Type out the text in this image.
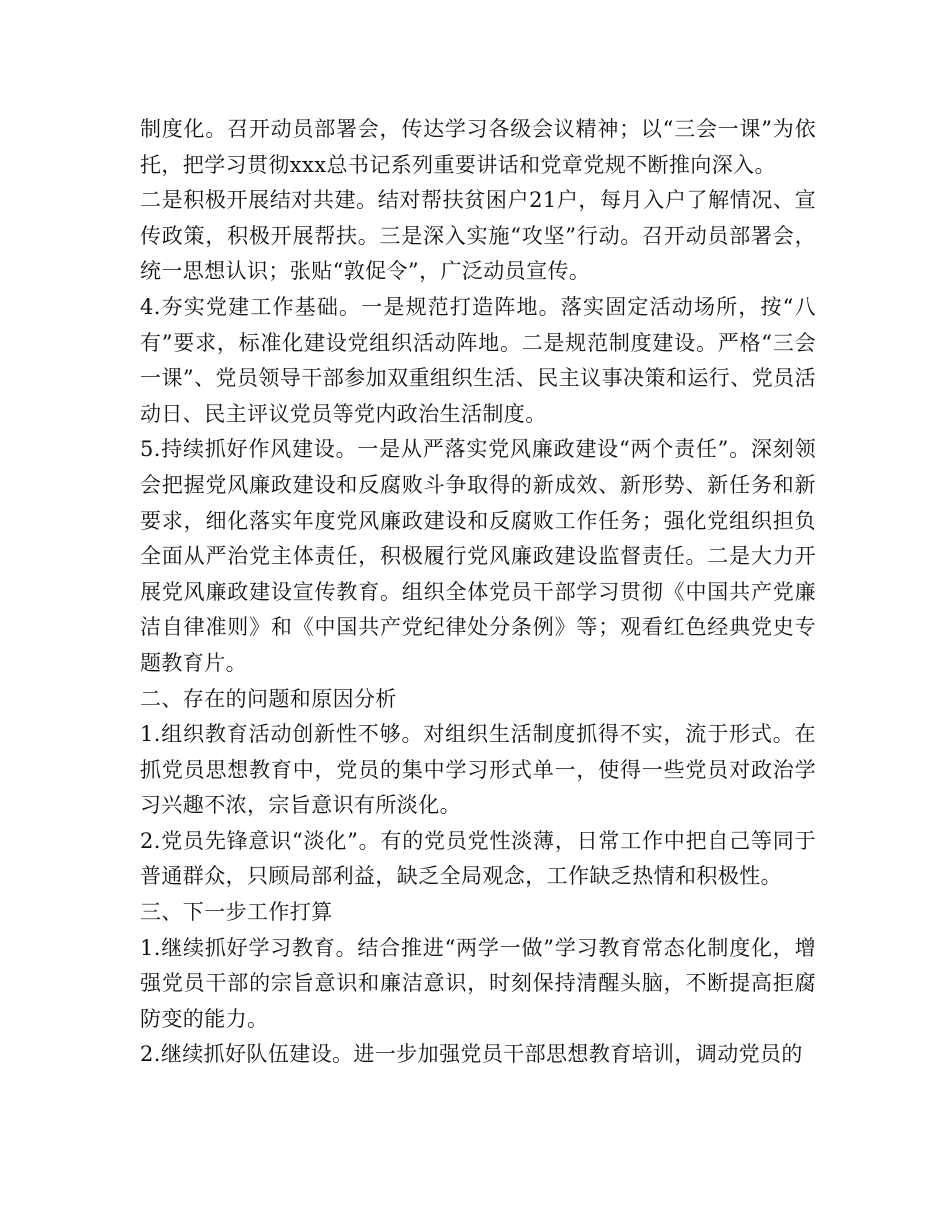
制度化。召开动员部署会，传达学习各级会议精神；以“三会一课”为依托，把学习贯彻xxx总书记系列重要讲话和党章党规不断推向深入。

二是积极开展结对共建。结对帮扶贫困户21户，每月入户了解情况、宣传政策，积极开展帮扶。三是深入实施“攻坚”行动。召开动员部署会，统一思想认识；张贴“敦促令”，广泛动员宣传。

4.夯实党建工作基础。一是规范打造阵地。落实固定活动场所，按“八有”要求，标准化建设党组织活动阵地。二是规范制度建设。严格“三会一课”、党员领导干部参加双重组织生活、民主议事决策和运行、党员活动日、民主评议党员等党内政治生活制度。

5.持续抓好作风建设。一是从严落实党风廉政建设“两个责任”。深刻领会把握党风廉政建设和反腐败斗争取得的新成效、新形势、新任务和新要求，细化落实年度党风廉政建设和反腐败工作任务；强化党组织担负全面从严治党主体责任，积极履行党风廉政建设监督责任。二是大力开展党风廉政建设宣传教育。组织全体党员干部学习贯彻《中国共产党廉洁自律准则》和《中国共产党纪律处分条例》等；观看红色经典党史专题教育片。

二、存在的问题和原因分析

1.组织教育活动创新性不够。对组织生活制度抓得不实，流于形式。在抓党员思想教育中，党员的集中学习形式单一，使得一些党员对政治学习兴趣不浓，宗旨意识有所淡化。

2.党员先锋意识“淡化”。有的党员党性淡薄，日常工作中把自己等同于普通群众，只顾局部利益，缺乏全局观念，工作缺乏热情和积极性。

三、下一步工作打算

1.继续抓好学习教育。结合推进“两学一做”学习教育常态化制度化，增强党员干部的宗旨意识和廉洁意识，时刻保持清醒头脑，不断提高拒腐防变的能力。

2.继续抓好队伍建设。进一步加强党员干部思想教育培训，调动党员的
